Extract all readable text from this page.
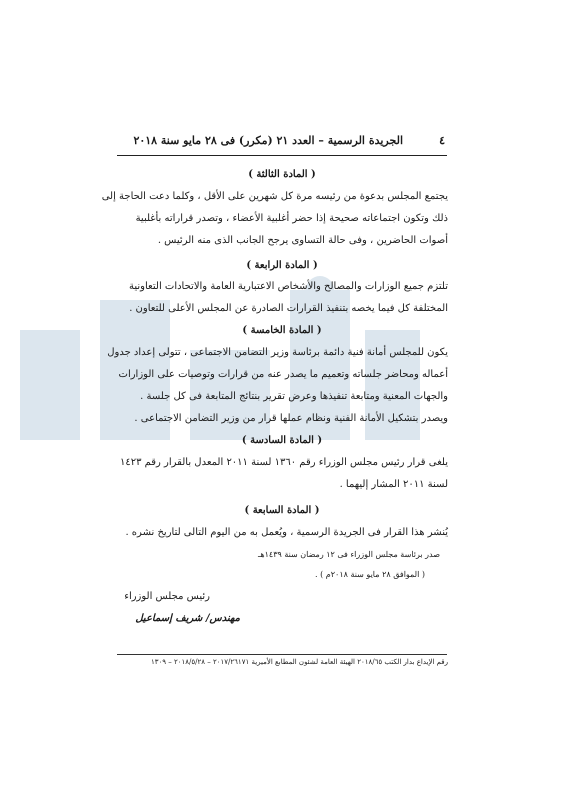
٤
الجريدة الرسمية – العدد ٢١ (مكرر) فى ٢٨ مايو سنة ٢٠١٨
( المادة الثالثة )
يجتمع المجلس بدعوة من رئيسه مرة كل شهرين على الأقل ، وكلما دعت الحاجة إلى
ذلك وتكون اجتماعاته صحيحة إذا حضر أغلبية الأعضاء ، وتصدر قراراته بأغلبية
أصوات الحاضرين ، وفى حالة التساوى يرجح الجانب الذى منه الرئيس .
( المادة الرابعة )
تلتزم جميع الوزارات والمصالح والأشخاص الاعتبارية العامة والاتحادات التعاونية
المختلفة كل فيما يخصه بتنفيذ القرارات الصادرة عن المجلس الأعلى للتعاون .
( المادة الخامسة )
يكون للمجلس أمانة فنية دائمة برئاسة وزير التضامن الاجتماعى ، تتولى إعداد جدول
أعماله ومحاضر جلساته وتعميم ما يصدر عنه من قرارات وتوصيات على الوزارات
والجهات المعنية ومتابعة تنفيذها وعرض تقرير بنتائج المتابعة فى كل جلسة .
ويصدر بتشكيل الأمانة الفنية ونظام عملها قرار من وزير التضامن الاجتماعى .
( المادة السادسة )
يلغى قرار رئيس مجلس الوزراء رقم ١٣٦٠ لسنة ٢٠١١ المعدل بالقرار رقم ١٤٢٣
لسنة ٢٠١١ المشار إليهما .
( المادة السابعة )
يُنشر هذا القرار فى الجريدة الرسمية ، ويُعمل به من اليوم التالى لتاريخ نشره .
صدر برئاسة مجلس الوزراء فى ١٢ رمضان سنة ١٤٣٩هـ
( الموافق ٢٨ مايو سنة ٢٠١٨م ) .
رئيس مجلس الوزراء
مهندس/ شريف إسماعيل
رقم الإيداع بدار الكتب ٢٠١٨/٦٥ الهيئة العامة لشئون المطابع الأميرية ٢٠١٧/٢٦١٧١ – ٢٠١٨/٥/٢٨ – ١٣٠٩
